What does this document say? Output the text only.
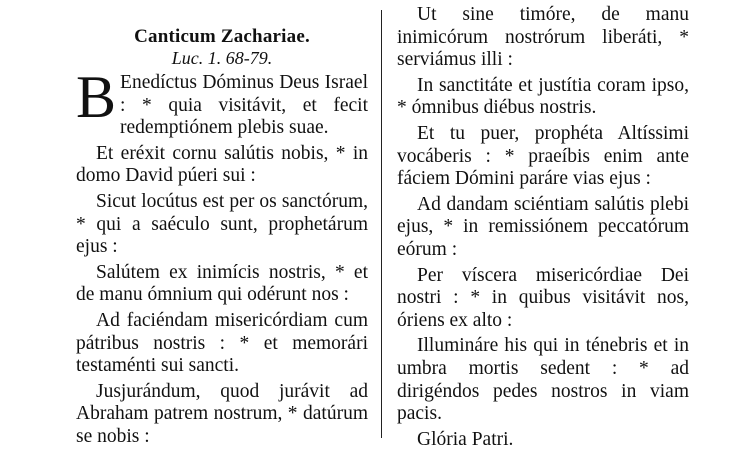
Canticum Zachariae.

Luc. 1. 68-79.

B Enedíctus Dóminus Deus Israel : * quia visitávit, et fecit redemptiónem plebis suae.

Et eréxit cornu salútis nobis, * in domo David púeri sui :

Sicut locútus est per os sanctórum, * qui a saéculo sunt, prophetárum ejus :

Salútem ex inimícis nostris, * et de manu ómnium qui odérunt nos :

Ad faciéndam misericórdiam cum pátribus nostris : * et memorári testaménti sui sancti.

Jusjurándum, quod jurávit ad Abraham patrem nostrum, * datúrum se nobis :

Ut sine timóre, de manu inimicórum nostrórum liberáti, * serviámus illi :

In sanctitáte et justítia coram ipso, * ómnibus diébus nostris.

Et tu puer, prophéta Altíssimi vocáberis : * praeíbis enim ante fáciem Dómini paráre vias ejus :

Ad dandam sciéntiam salútis plebi ejus, * in remissiónem peccatórum eórum :

Per víscera misericórdiae Dei nostri : * in quibus visitávit nos, óriens ex alto :

Illumináre his qui in ténebris et in umbra mortis sedent : * ad dirigéndos pedes nostros in viam pacis.

Glória Patri.
